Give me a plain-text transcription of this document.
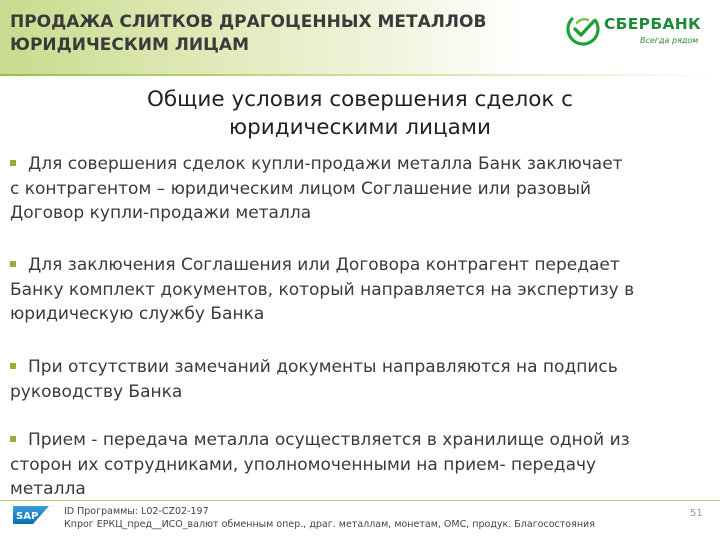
ПРОДАЖА СЛИТКОВ ДРАГОЦЕННЫХ МЕТАЛЛОВ
ЮРИДИЧЕСКИМ ЛИЦАМ
СБЕРБАНК
Всегда рядом
Общие условия совершения сделок с
юридическими лицами
Для совершения сделок купли-продажи металла Банк заключает
с контрагентом – юридическим лицом Соглашение или разовый
Договор купли-продажи металла
Для заключения Соглашения или Договора контрагент передает
Банку комплект документов, который направляется на экспертизу в
юридическую службу Банка
При отсутствии замечаний документы направляются на подпись
руководству Банка
Прием - передача металла осуществляется в хранилище одной из
сторон их сотрудниками, уполномоченными на прием- передачу
металла
SAP	ID Программы: L02-CZ02-197
Кпрог ЕРКЦ_пред__ИСО_валют обменным опер., драг. металлам, монетам, ОМС, продук. Благосостояния
51
